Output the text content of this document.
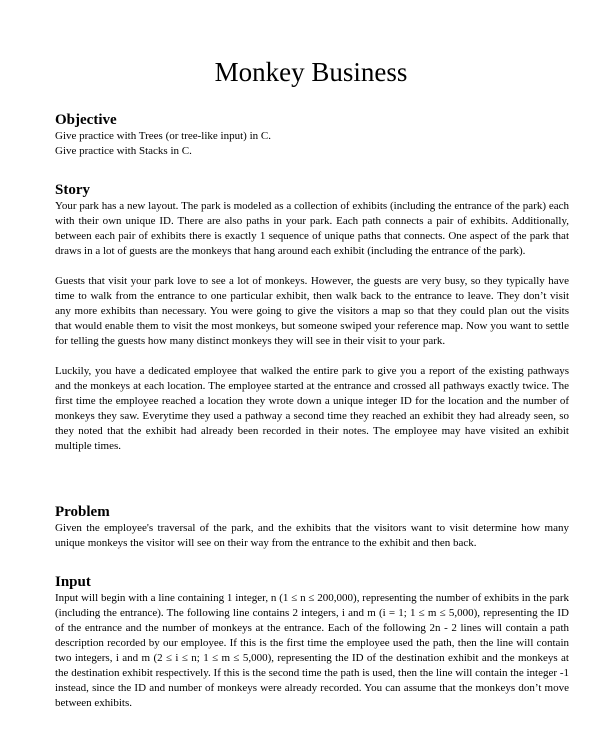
Monkey Business
Objective
Give practice with Trees (or tree-like input) in C.
Give practice with Stacks in C.
Story

Your park has a new layout. The park is modeled as a collection of exhibits (including the entrance of the park) each with their own unique ID. There are also paths in your park. Each path connects a pair of exhibits. Additionally, between each pair of exhibits there is exactly 1 sequence of unique paths that connects. One aspect of the park that draws in a lot of guests are the monkeys that hang around each exhibit (including the entrance of the park).

Guests that visit your park love to see a lot of monkeys. However, the guests are very busy, so they typically have time to walk from the entrance to one particular exhibit, then walk back to the entrance to leave. They don’t visit any more exhibits than necessary. You were going to give the visitors a map so that they could plan out the visits that would enable them to visit the most monkeys, but someone swiped your reference map. Now you want to settle for telling the guests how many distinct monkeys they will see in their visit to your park.

Luckily, you have a dedicated employee that walked the entire park to give you a report of the existing pathways and the monkeys at each location. The employee started at the entrance and crossed all pathways exactly twice. The first time the employee reached a location they wrote down a unique integer ID for the location and the number of monkeys they saw. Everytime they used a pathway a second time they reached an exhibit they had already seen, so they noted that the exhibit had already been recorded in their notes. The employee may have visited an exhibit multiple times.

Problem

Given the employee's traversal of the park, and the exhibits that the visitors want to visit determine how many unique monkeys the visitor will see on their way from the entrance to the exhibit and then back.

Input

Input will begin with a line containing 1 integer, n (1 ≤ n ≤ 200,000), representing the number of exhibits in the park (including the entrance). The following line contains 2 integers, i and m (i = 1; 1 ≤ m ≤ 5,000), representing the ID of the entrance and the number of monkeys at the entrance. Each of the following 2n - 2 lines will contain a path description recorded by our employee. If this is the first time the employee used the path, then the line will contain two integers, i and m (2 ≤ i ≤ n; 1 ≤ m ≤ 5,000), representing the ID of the destination exhibit and the monkeys at the destination exhibit respectively. If this is the second time the path is used, then the line will contain the integer -1 instead, since the ID and number of monkeys were already recorded. You can assume that the monkeys don’t move between exhibits.
